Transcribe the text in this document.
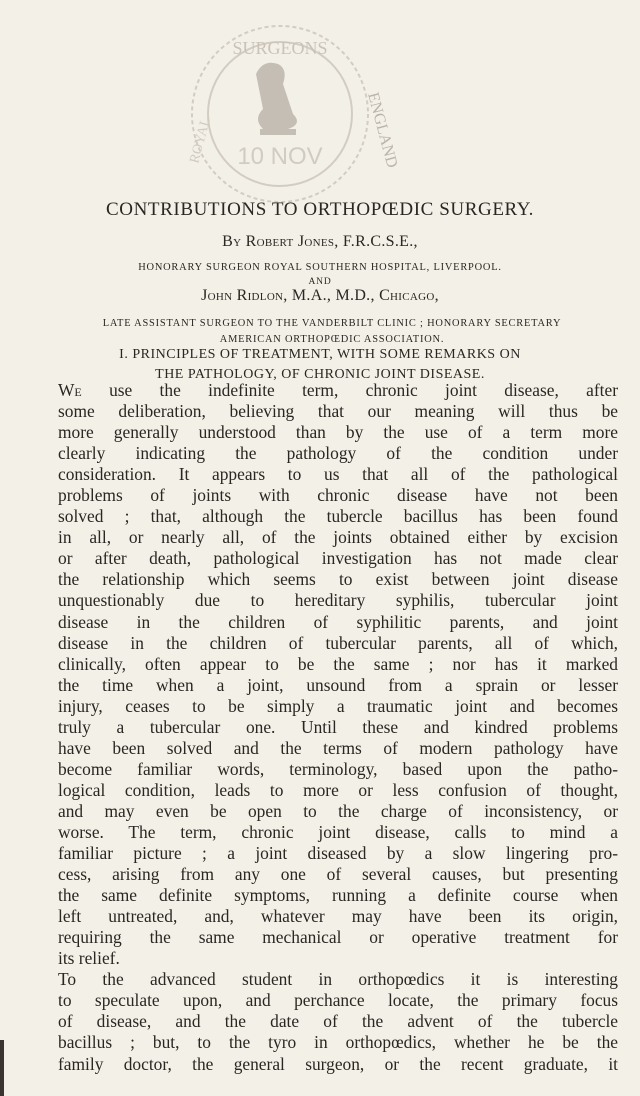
SURGEONS
10 NOV
ROYAL	ENGLAND
CONTRIBUTIONS TO ORTHOPŒDIC SURGERY.
By Robert Jones, F.R.C.S.E.,
HONORARY SURGEON ROYAL SOUTHERN HOSPITAL, LIVERPOOL.
AND
John Ridlon, M.A., M.D., Chicago,
LATE ASSISTANT SURGEON TO THE VANDERBILT CLINIC ; HONORARY SECRETARY
AMERICAN ORTHOPŒDIC ASSOCIATION.
I. PRINCIPLES OF TREATMENT, WITH SOME REMARKS ON
THE PATHOLOGY, OF CHRONIC JOINT DISEASE.
We use the indefinite term, chronic joint disease, after
some deliberation, believing that our meaning will thus be
more generally understood than by the use of a term more
clearly indicating the pathology of the condition under
consideration. It appears to us that all of the pathological
problems of joints with chronic disease have not been
solved ; that, although the tubercle bacillus has been found
in all, or nearly all, of the joints obtained either by excision
or after death, pathological investigation has not made clear
the relationship which seems to exist between joint disease
unquestionably due to hereditary syphilis, tubercular joint
disease in the children of syphilitic parents, and joint
disease in the children of tubercular parents, all of which,
clinically, often appear to be the same ; nor has it marked
the time when a joint, unsound from a sprain or lesser
injury, ceases to be simply a traumatic joint and becomes
truly a tubercular one. Until these and kindred problems
have been solved and the terms of modern pathology have
become familiar words, terminology, based upon the patho-
logical condition, leads to more or less confusion of thought,
and may even be open to the charge of inconsistency, or
worse. The term, chronic joint disease, calls to mind a
familiar picture ; a joint diseased by a slow lingering pro-
cess, arising from any one of several causes, but presenting
the same definite symptoms, running a definite course when
left untreated, and, whatever may have been its origin,
requiring the same mechanical or operative treatment for
its relief.
To the advanced student in orthopœdics it is interesting
to speculate upon, and perchance locate, the primary focus
of disease, and the date of the advent of the tubercle
bacillus ; but, to the tyro in orthopœdics, whether he be the
family doctor, the general surgeon, or the recent graduate, it
